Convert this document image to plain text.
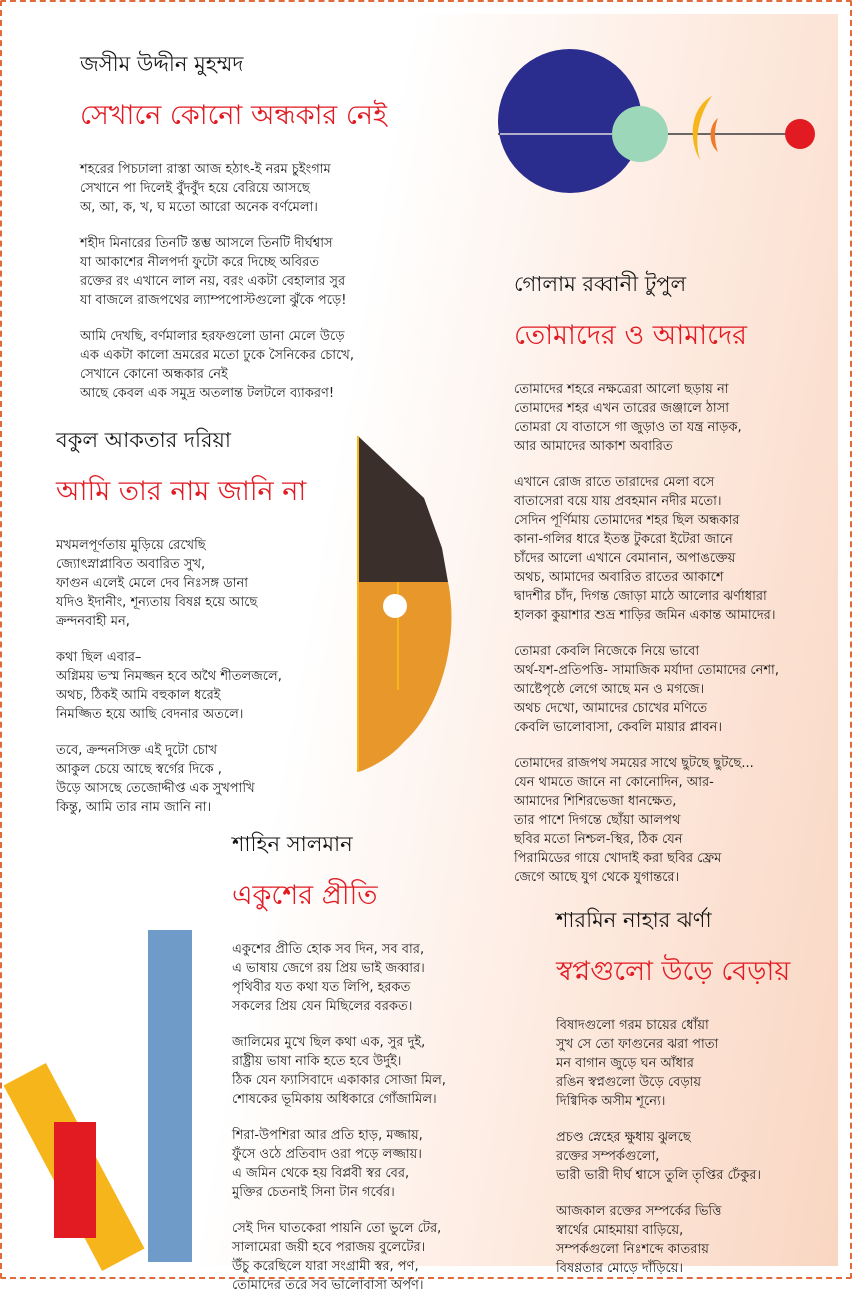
জসীম উদ্দীন মুহম্মদ
সেখানে কোনো অন্ধকার নেই
শহরের পিচঢালা রাস্তা আজ হঠাৎ-ই নরম চুইংগাম
সেখানে পা দিলেই বুঁদবুঁদ হয়ে বেরিয়ে আসছে
অ, আ, ক, খ, ঘ মতো আরো অনেক বর্ণমেলা।
শহীদ মিনারের তিনটি স্তম্ভ আসলে তিনটি দীর্ঘশ্বাস
যা আকাশের নীলপর্দা ফুটো করে দিচ্ছে অবিরত
রক্তের রং এখানে লাল নয়, বরং একটা বেহালার সুর
যা বাজলে রাজপথের ল্যাম্পপোস্টগুলো ঝুঁকে পড়ে!
আমি দেখছি, বর্ণমালার হরফগুলো ডানা মেলে উড়ে
এক একটা কালো ভ্রমরের মতো ঢুকে সৈনিকের চোখে,
সেখানে কোনো অন্ধকার নেই
আছে কেবল এক সমুদ্র অতলান্ত টলটলে ব্যাকরণ!
গোলাম রব্বানী টুপুল
তোমাদের ও আমাদের
তোমাদের শহরে নক্ষত্রেরা আলো ছড়ায় না
তোমাদের শহর এখন তারের জঞ্জালে ঠাসা
তোমরা যে বাতাসে গা জুড়াও তা যন্ত্র নাড়ক,
আর আমাদের আকাশ অবারিত
এখানে রোজ রাতে তারাদের মেলা বসে
বাতাসেরা বয়ে যায় প্রবহমান নদীর মতো।
সেদিন পূর্ণিমায় তোমাদের শহর ছিল অন্ধকার
কানা-গলির ধারে ইতস্ত টুকরো ইটেরা জানে
চাঁদের আলো এখানে বেমানান, অপাঙক্তেয়
অথচ, আমাদের অবারিত রাতের আকাশে
দ্বাদশীর চাঁদ, দিগন্ত জোড়া মাঠে আলোর ঝর্ণাধারা
হালকা কুয়াশার শুভ্র শাড়ির জমিন একান্ত আমাদের।
তোমরা কেবলি নিজেকে নিয়ে ভাবো
অর্থ-যশ-প্রতিপত্তি- সামাজিক মর্যাদা তোমাদের নেশা,
আষ্টেপৃষ্ঠে লেগে আছে মন ও মগজে।
অথচ দেখো, আমাদের চোখের মণিতে
কেবলি ভালোবাসা, কেবলি মায়ার প্লাবন।
তোমাদের রাজপথ সময়ের সাথে ছুটছে ছুটছে...
যেন থামতে জানে না কোনোদিন, আর-
আমাদের শিশিরভেজা ধানক্ষেত,
তার পাশে দিগন্তে ছোঁয়া আলপথ
ছবির মতো নিশ্চল-স্থির, ঠিক যেন
পিরামিডের গায়ে খোদাই করা ছবির ফ্রেম
জেগে আছে যুগ থেকে যুগান্তরে।
বকুল আকতার দরিয়া
আমি তার নাম জানি না
মখমলপূর্ণতায় মুড়িয়ে রেখেছি
জ্যোৎস্নাপ্লাবিত অবারিত সুখ,
ফাগুন এলেই মেলে দেব নিঃসঙ্গ ডানা
যদিও ইদানীং, শূন্যতায় বিষণ্ণ হয়ে আছে
ক্রন্দনবাহী মন,
কথা ছিল এবার–
অগ্নিময় ভস্ম নিমজ্জন হবে অথৈ শীতলজলে,
অথচ, ঠিকই আমি বহুকাল ধরেই
নিমজ্জিত হয়ে আছি বেদনার অতলে।
তবে, ক্রন্দনসিক্ত এই দুটো চোখ
আকুল চেয়ে আছে স্বর্গের দিকে ,
উড়ে আসছে তেজোদ্দীপ্ত এক সুখপাখি
কিন্তু, আমি তার নাম জানি না।
শাহিন সালমান
একুশের প্রীতি
একুশের প্রীতি হোক সব দিন, সব বার,
এ ভাষায় জেগে রয় প্রিয় ভাই জব্বার।
পৃথিবীর যত কথা যত লিপি, হরকত
সকলের প্রিয় যেন মিছিলের বরকত।
জালিমের মুখে ছিল কথা এক, সুর দুই,
রাষ্ট্রীয় ভাষা নাকি হতে হবে উর্দুই।
ঠিক যেন ফ্যাসিবাদে একাকার সোজা মিল,
শোষকের ভূমিকায় অধিকারে গোঁজামিল।
শিরা-উপশিরা আর প্রতি হাড়, মজ্জায়,
ফুঁসে ওঠে প্রতিবাদ ওরা পড়ে লজ্জায়।
এ জমিন থেকে হয় বিপ্লবী স্বর বের,
মুক্তির চেতনাই সিনা টান গর্বের।
সেই দিন ঘাতকেরা পায়নি তো ভুলে টের,
সালামেরা জয়ী হবে পরাজয় বুলেটের।
উঁচু করেছিলে যারা সংগ্রামী স্বর, পণ,
তোমাদের তরে সব ভালোবাসা অর্পণ।
শারমিন নাহার ঝর্ণা
স্বপ্নগুলো উড়ে বেড়ায়
বিষাদগুলো গরম চায়ের ধোঁয়া
সুখ সে তো ফাগুনের ঝরা পাতা
মন বাগান জুড়ে ঘন আঁধার
রঙিন স্বপ্নগুলো উড়ে বেড়ায়
দিগ্বিদিক অসীম শূন্যে।
প্রচণ্ড স্নেহের ক্ষুধায় ঝুলছে
রক্তের সম্পর্কগুলো,
ভারী ভারী দীর্ঘ শ্বাসে তুলি তৃপ্তির ঢেঁকুর।
আজকাল রক্তের সম্পর্কের ভিত্তি
স্বার্থের মোহমায়া বাড়িয়ে,
সম্পর্কগুলো নিঃশব্দে কাতরায়
বিষণ্ণতার মোড়ে দাঁড়িয়ে।
